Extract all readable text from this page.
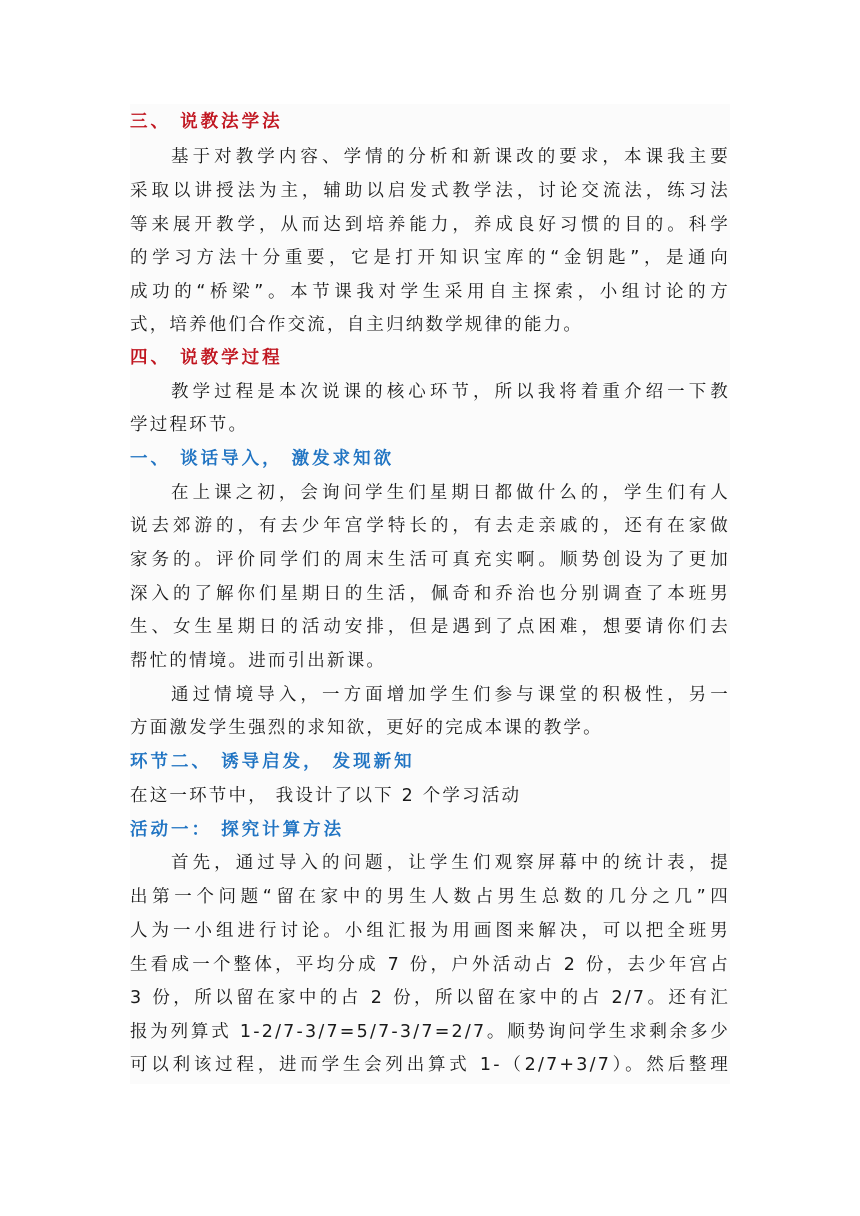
三、 说教法学法
基于对教学内容、学情的分析和新课改的要求，本课我主要
采取以讲授法为主，辅助以启发式教学法，讨论交流法，练习法
等来展开教学，从而达到培养能力，养成良好习惯的目的。科学
的学习方法十分重要，它是打开知识宝库的“金钥匙”，是通向
成功的“桥梁”。本节课我对学生采用自主探索，小组讨论的方
式，培养他们合作交流，自主归纳数学规律的能力。
四、 说教学过程
教学过程是本次说课的核心环节，所以我将着重介绍一下教
学过程环节。
一、 谈话导入， 激发求知欲
在上课之初，会询问学生们星期日都做什么的，学生们有人
说去郊游的，有去少年宫学特长的，有去走亲戚的，还有在家做
家务的。评价同学们的周末生活可真充实啊。顺势创设为了更加
深入的了解你们星期日的生活，佩奇和乔治也分别调查了本班男
生、女生星期日的活动安排，但是遇到了点困难，想要请你们去
帮忙的情境。进而引出新课。
通过情境导入，一方面增加学生们参与课堂的积极性，另一
方面激发学生强烈的求知欲，更好的完成本课的教学。
环节二、 诱导启发， 发现新知
在这一环节中， 我设计了以下 2 个学习活动
活动一： 探究计算方法
首先，通过导入的问题，让学生们观察屏幕中的统计表，提
出第一个问题“留在家中的男生人数占男生总数的几分之几”四
人为一小组进行讨论。小组汇报为用画图来解决，可以把全班男
生看成一个整体，平均分成 7 份，户外活动占 2 份，去少年宫占
3 份，所以留在家中的占 2 份，所以留在家中的占 2/7。还有汇
报为列算式 1-2/7-3/7=5/7-3/7=2/7。顺势询问学生求剩余多少
可以利该过程，进而学生会列出算式 1-（2/7+3/7）。然后整理
